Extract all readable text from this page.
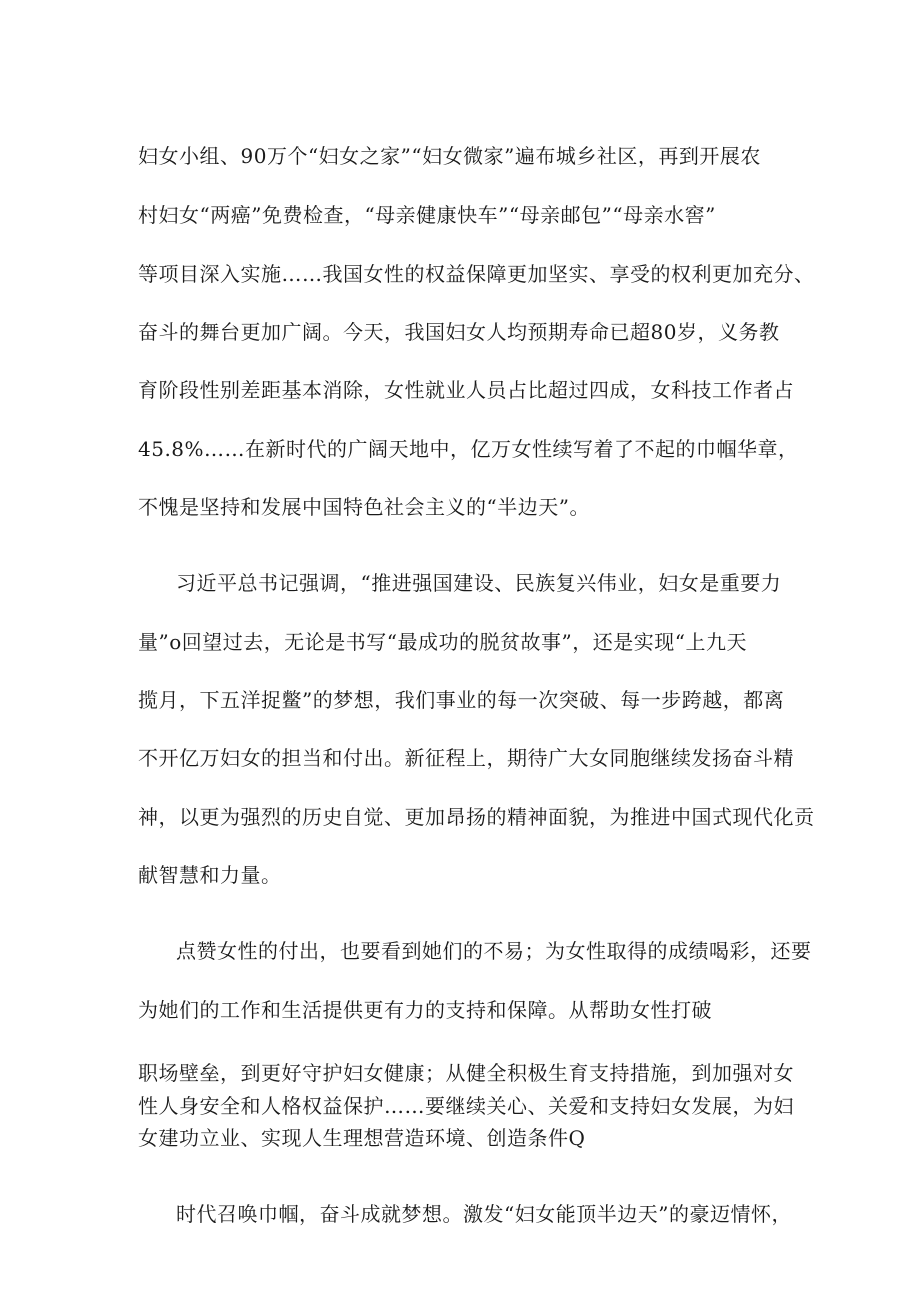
妇女小组、90万个“妇女之家”“妇女微家”遍布城乡社区，再到开展农
村妇女“两癌”免费检查，“母亲健康快车”“母亲邮包”“母亲水窖”
等项目深入实施……我国女性的权益保障更加坚实、享受的权利更加充分、
奋斗的舞台更加广阔。今天，我国妇女人均预期寿命已超80岁，义务教
育阶段性别差距基本消除，女性就业人员占比超过四成，女科技工作者占
45.8%……在新时代的广阔天地中，亿万女性续写着了不起的巾帼华章，
不愧是坚持和发展中国特色社会主义的“半边天”。
习近平总书记强调，“推进强国建设、民族复兴伟业，妇女是重要力
量”o回望过去，无论是书写“最成功的脱贫故事”，还是实现“上九天
揽月，下五洋捉鳖”的梦想，我们事业的每一次突破、每一步跨越，都离
不开亿万妇女的担当和付出。新征程上，期待广大女同胞继续发扬奋斗精
神，以更为强烈的历史自觉、更加昂扬的精神面貌，为推进中国式现代化贡
献智慧和力量。
点赞女性的付出，也要看到她们的不易；为女性取得的成绩喝彩，还要
为她们的工作和生活提供更有力的支持和保障。从帮助女性打破
职场壁垒，到更好守护妇女健康；从健全积极生育支持措施，到加强对女
性人身安全和人格权益保护……要继续关心、关爱和支持妇女发展，为妇
女建功立业、实现人生理想营造环境、创造条件Q
时代召唤巾帼，奋斗成就梦想。激发“妇女能顶半边天”的豪迈情怀，
